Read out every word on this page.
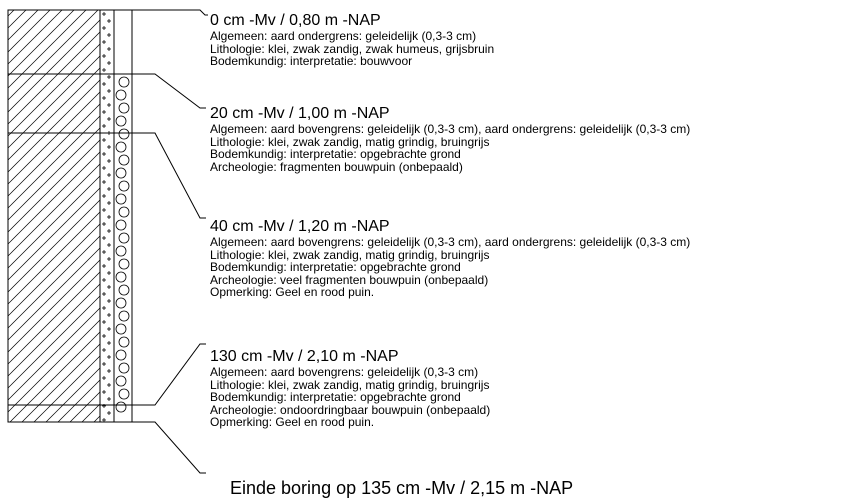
0 cm -Mv / 0,80 m -NAP
Algemeen: aard ondergrens: geleidelijk (0,3-3 cm)
Lithologie: klei, zwak zandig, zwak humeus, grijsbruin
Bodemkundig: interpretatie: bouwvoor
20 cm -Mv / 1,00 m -NAP
Algemeen: aard bovengrens: geleidelijk (0,3-3 cm), aard ondergrens: geleidelijk (0,3-3 cm)
Lithologie: klei, zwak zandig, matig grindig, bruingrijs
Bodemkundig: interpretatie: opgebrachte grond
Archeologie: fragmenten bouwpuin (onbepaald)
40 cm -Mv / 1,20 m -NAP
Algemeen: aard bovengrens: geleidelijk (0,3-3 cm), aard ondergrens: geleidelijk (0,3-3 cm)
Lithologie: klei, zwak zandig, matig grindig, bruingrijs
Bodemkundig: interpretatie: opgebrachte grond
Archeologie: veel fragmenten bouwpuin (onbepaald)
Opmerking: Geel en rood puin.
130 cm -Mv / 2,10 m -NAP
Algemeen: aard bovengrens: geleidelijk (0,3-3 cm)
Lithologie: klei, zwak zandig, matig grindig, bruingrijs
Bodemkundig: interpretatie: opgebrachte grond
Archeologie: ondoordringbaar bouwpuin (onbepaald)
Opmerking: Geel en rood puin.
Einde boring op 135 cm -Mv / 2,15 m -NAP
